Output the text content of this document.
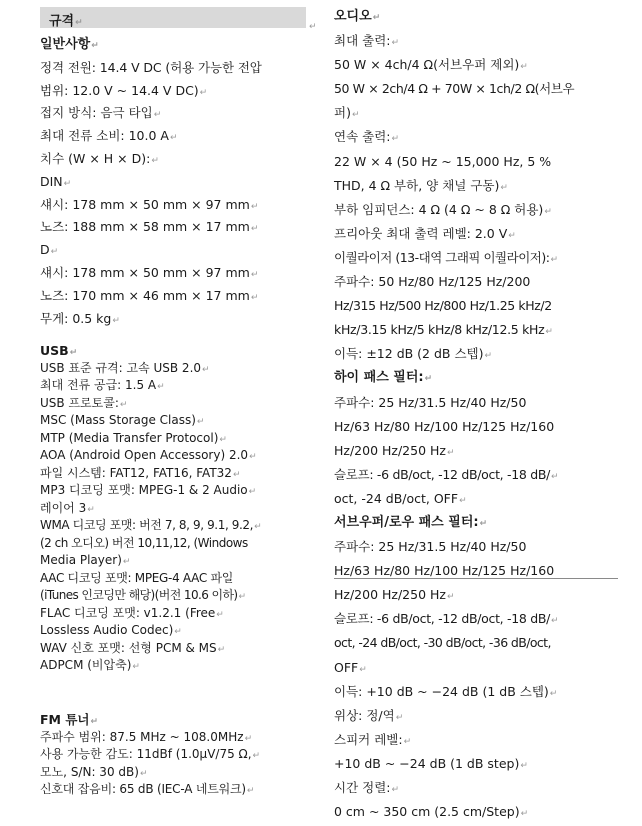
규격↵	↵
일반사항↵
정격 전원: 14.4 V DC (허용 가능한 전압
범위: 12.0 V ~ 14.4 V DC)↵
접지 방식: 음극 타입↵
최대 전류 소비: 10.0 A↵
치수 (W × H × D):↵
DIN↵
섀시: 178 mm × 50 mm × 97 mm↵
노즈: 188 mm × 58 mm × 17 mm↵
D↵
섀시: 178 mm × 50 mm × 97 mm↵
노즈: 170 mm × 46 mm × 17 mm↵
무게: 0.5 kg↵
USB↵
USB 표준 규격: 고속 USB 2.0↵
최대 전류 공급: 1.5 A↵
USB 프로토콜:↵
MSC (Mass Storage Class)↵
MTP (Media Transfer Protocol)↵
AOA (Android Open Accessory) 2.0↵
파일 시스템: FAT12, FAT16, FAT32↵
MP3 디코딩 포맷: MPEG-1 & 2 Audio↵
레이어 3↵
WMA 디코딩 포맷: 버전 7, 8, 9, 9.1, 9.2,↵
(2 ch 오디오) 버전 10,11,12, (Windows
Media Player)↵
AAC 디코딩 포맷: MPEG-4 AAC 파일
(iTunes 인코딩만 해당)(버전 10.6 이하)↵
FLAC 디코딩 포맷: v1.2.1 (Free↵
Lossless Audio Codec)↵
WAV 신호 포맷: 선형 PCM & MS↵
ADPCM (비압축)↵
FM 튜너↵
주파수 범위: 87.5 MHz ~ 108.0MHz↵
사용 가능한 감도: 11dBf (1.0μV/75 Ω,↵
모노, S/N: 30 dB)↵
신호대 잡음비: 65 dB (IEC-A 네트워크)↵
오디오↵
최대 출력:↵
50 W × 4ch/4 Ω(서브우퍼 제외)↵
50 W × 2ch/4 Ω + 70W × 1ch/2 Ω(서브우
퍼)↵
연속 출력:↵
22 W × 4 (50 Hz ~ 15,000 Hz, 5 %
THD, 4 Ω 부하, 양 채널 구동)↵
부하 임피던스: 4 Ω (4 Ω ~ 8 Ω 허용)↵
프리아웃 최대 출력 레벨: 2.0 V↵
이퀄라이저 (13-대역 그래픽 이퀄라이저):↵
주파수: 50 Hz/80 Hz/125 Hz/200
Hz/315 Hz/500 Hz/800 Hz/1.25 kHz/2
kHz/3.15 kHz/5 kHz/8 kHz/12.5 kHz↵
이득: ±12 dB (2 dB 스텝)↵
하이 패스 필터:↵
주파수: 25 Hz/31.5 Hz/40 Hz/50
Hz/63 Hz/80 Hz/100 Hz/125 Hz/160
Hz/200 Hz/250 Hz↵
슬로프: -6 dB/oct, -12 dB/oct, -18 dB/↵
oct, -24 dB/oct, OFF↵
서브우퍼/로우 패스 필터:↵
주파수: 25 Hz/31.5 Hz/40 Hz/50
Hz/63 Hz/80 Hz/100 Hz/125 Hz/160
Hz/200 Hz/250 Hz↵
슬로프: -6 dB/oct, -12 dB/oct, -18 dB/↵
oct, -24 dB/oct, -30 dB/oct, -36 dB/oct,
OFF↵
이득: +10 dB ~ −24 dB (1 dB 스텝)↵
위상: 정/역↵
스피커 레벨:↵
+10 dB ~ −24 dB (1 dB step)↵
시간 정렬:↵
0 cm ~ 350 cm (2.5 cm/Step)↵
